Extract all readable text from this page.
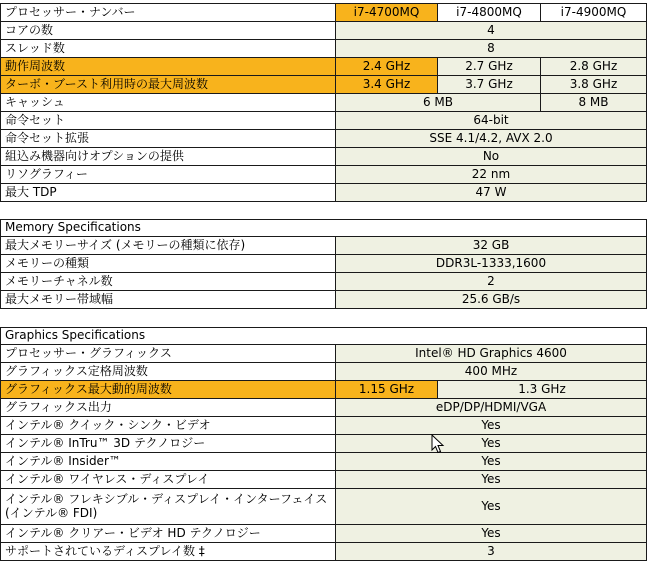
プロセッサー・ナンバー	i7-4700MQ	i7-4800MQ	i7-4900MQ
コアの数	4
スレッド数	8
動作周波数	2.4 GHz	2.7 GHz	2.8 GHz
ターボ・ブースト利用時の最大周波数	3.4 GHz	3.7 GHz	3.8 GHz
キャッシュ	6 MB	8 MB
命令セット	64-bit
命令セット拡張	SSE 4.1/4.2, AVX 2.0
組込み機器向けオプションの提供	No
リソグラフィー	22 nm
最大 TDP	47 W
Memory Specifications
最大メモリーサイズ (メモリーの種類に依存)	32 GB
メモリーの種類	DDR3L-1333,1600
メモリーチャネル数	2
最大メモリー帯域幅	25.6 GB/s
Graphics Specifications
プロセッサー・グラフィックス	Intel® HD Graphics 4600
グラフィックス定格周波数	400 MHz
グラフィックス最大動的周波数	1.15 GHz	1.3 GHz
グラフィックス出力	eDP/DP/HDMI/VGA
インテル® クイック・シンク・ビデオ	Yes
インテル® InTru™ 3D テクノロジー	Yes
インテル® Insider™	Yes
インテル® ワイヤレス・ディスプレイ	Yes
インテル® フレキシブル・ディスプレイ・インターフェイス (インテル® FDI)	Yes
インテル® クリアー・ビデオ HD テクノロジー	Yes
サポートされているディスプレイ数 ‡	3
